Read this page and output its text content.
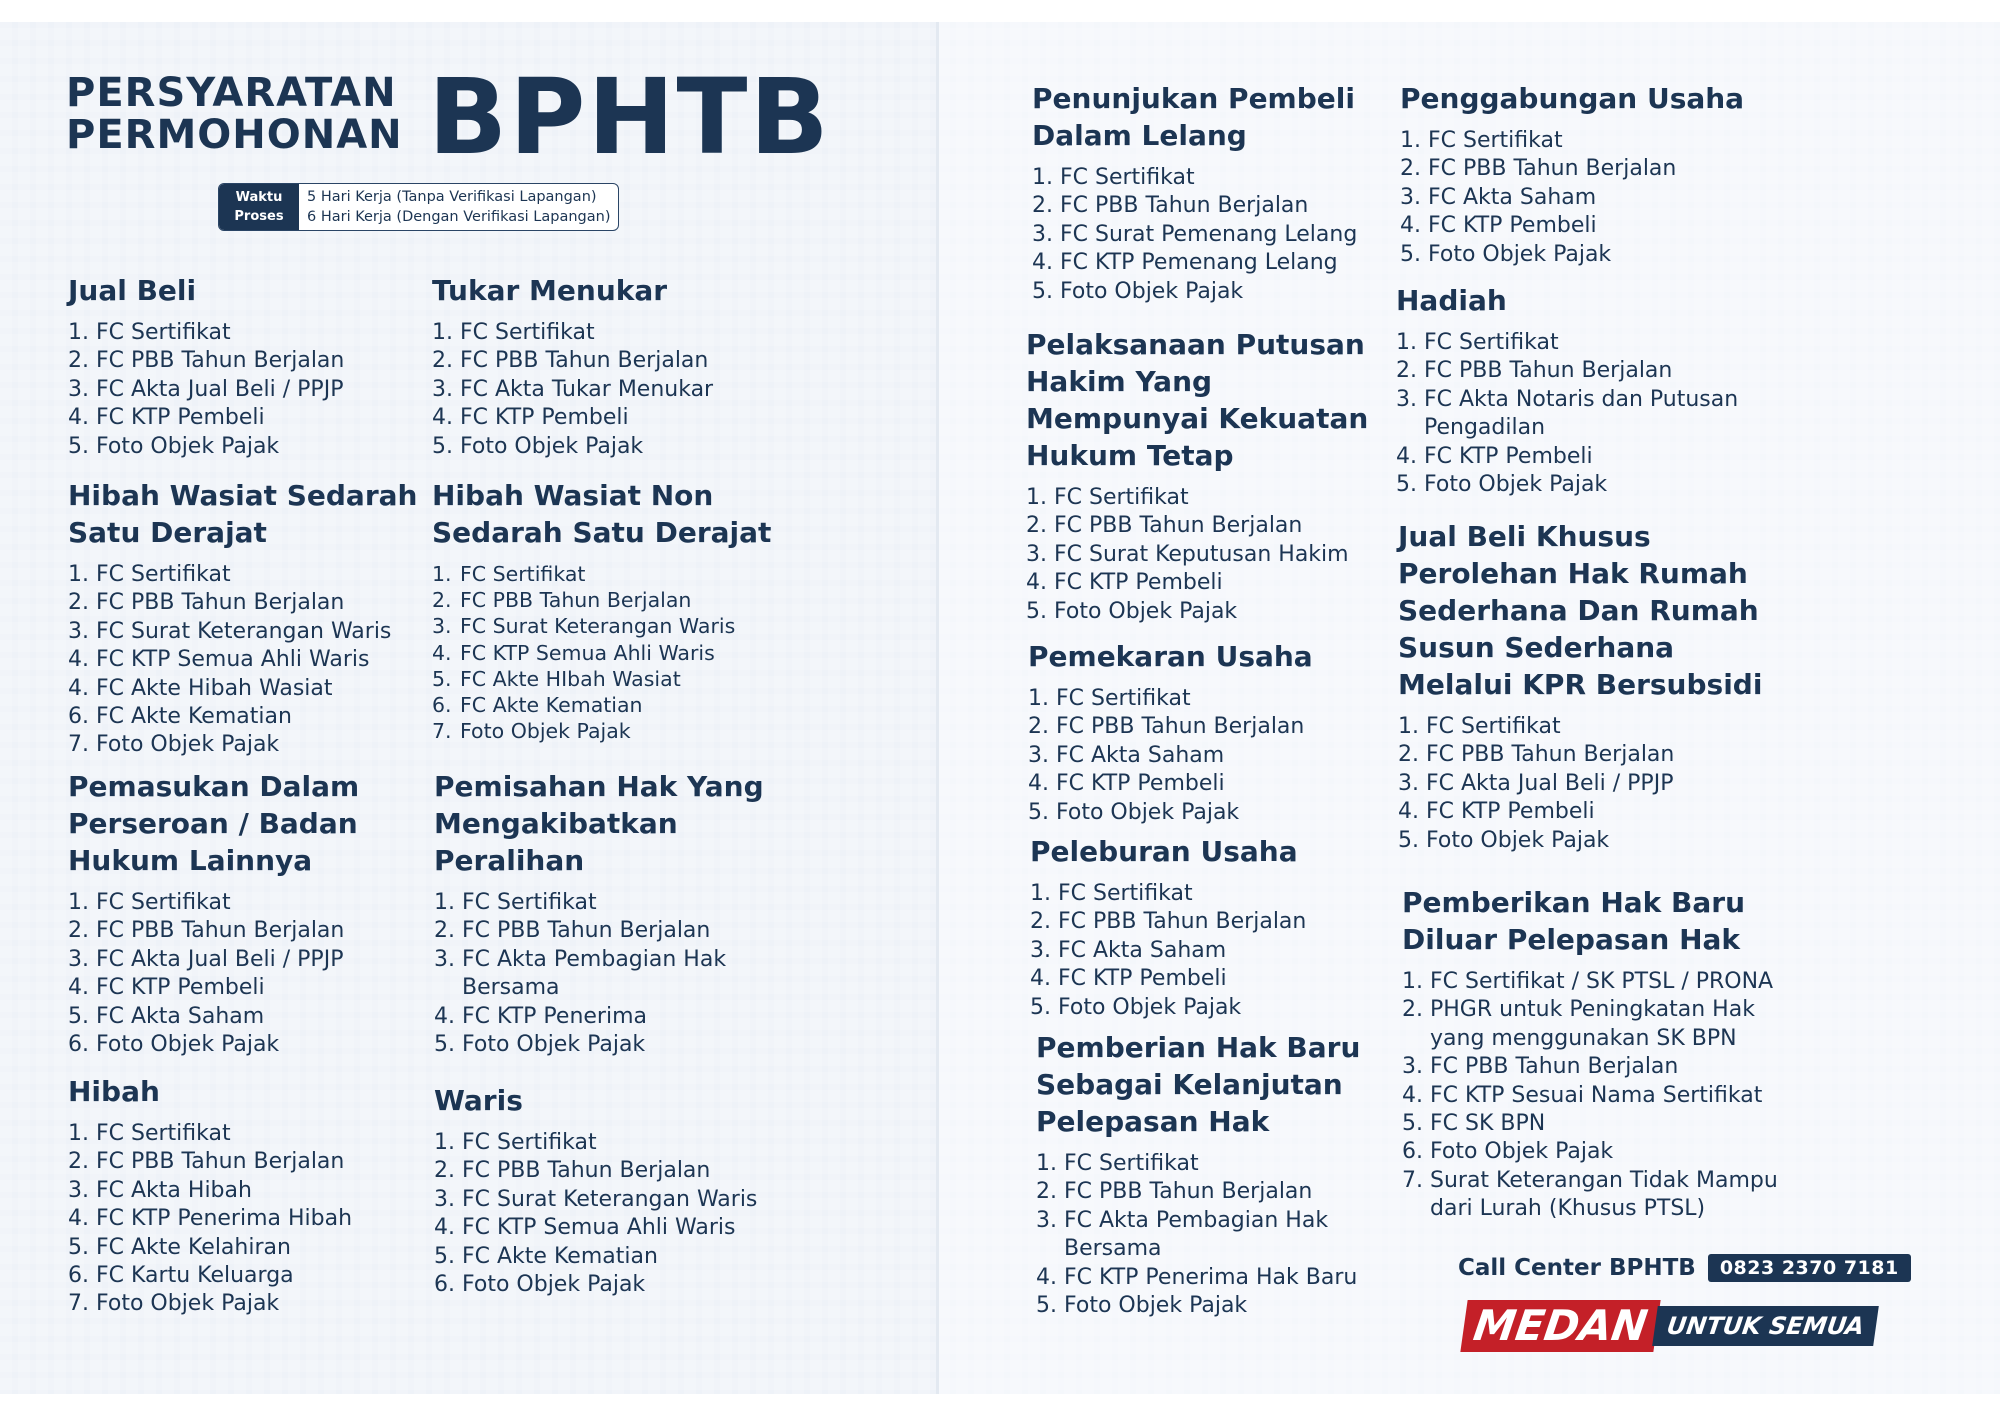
PERSYARATAN
PERMOHONAN BPHTB
Waktu
Proses
5 Hari Kerja (Tanpa Verifikasi Lapangan)
6 Hari Kerja (Dengan Verifikasi Lapangan)
Jual Beli
1. FC Sertifikat
2. FC PBB Tahun Berjalan
3. FC Akta Jual Beli / PPJP
4. FC KTP Pembeli
5. Foto Objek Pajak
Hibah Wasiat Sedarah
Satu Derajat
1. FC Sertifikat
2. FC PBB Tahun Berjalan
3. FC Surat Keterangan Waris
4. FC KTP Semua Ahli Waris
4. FC Akte Hibah Wasiat
6. FC Akte Kematian
7. Foto Objek Pajak
Pemasukan Dalam
Perseroan / Badan
Hukum Lainnya
1. FC Sertifikat
2. FC PBB Tahun Berjalan
3. FC Akta Jual Beli / PPJP
4. FC KTP Pembeli
5. FC Akta Saham
6. Foto Objek Pajak
Hibah
1. FC Sertifikat
2. FC PBB Tahun Berjalan
3. FC Akta Hibah
4. FC KTP Penerima Hibah
5. FC Akte Kelahiran
6. FC Kartu Keluarga
7. Foto Objek Pajak
Tukar Menukar
1. FC Sertifikat
2. FC PBB Tahun Berjalan
3. FC Akta Tukar Menukar
4. FC KTP Pembeli
5. Foto Objek Pajak
Hibah Wasiat Non
Sedarah Satu Derajat
1. FC Sertifikat
2. FC PBB Tahun Berjalan
3. FC Surat Keterangan Waris
4. FC KTP Semua Ahli Waris
5. FC Akte HIbah Wasiat
6. FC Akte Kematian
7. Foto Objek Pajak
Pemisahan Hak Yang
Mengakibatkan
Peralihan
1. FC Sertifikat
2. FC PBB Tahun Berjalan
3. FC Akta Pembagian Hak
Bersama
4. FC KTP Penerima
5. Foto Objek Pajak
Waris
1. FC Sertifikat
2. FC PBB Tahun Berjalan
3. FC Surat Keterangan Waris
4. FC KTP Semua Ahli Waris
5. FC Akte Kematian
6. Foto Objek Pajak
Penunjukan Pembeli
Dalam Lelang
1. FC Sertifikat
2. FC PBB Tahun Berjalan
3. FC Surat Pemenang Lelang
4. FC KTP Pemenang Lelang
5. Foto Objek Pajak
Pelaksanaan Putusan
Hakim Yang
Mempunyai Kekuatan
Hukum Tetap
1. FC Sertifikat
2. FC PBB Tahun Berjalan
3. FC Surat Keputusan Hakim
4. FC KTP Pembeli
5. Foto Objek Pajak
Pemekaran Usaha
1. FC Sertifikat
2. FC PBB Tahun Berjalan
3. FC Akta Saham
4. FC KTP Pembeli
5. Foto Objek Pajak
Peleburan Usaha
1. FC Sertifikat
2. FC PBB Tahun Berjalan
3. FC Akta Saham
4. FC KTP Pembeli
5. Foto Objek Pajak
Pemberian Hak Baru
Sebagai Kelanjutan
Pelepasan Hak
1. FC Sertifikat
2. FC PBB Tahun Berjalan
3. FC Akta Pembagian Hak
Bersama
4. FC KTP Penerima Hak Baru
5. Foto Objek Pajak
Penggabungan Usaha
1. FC Sertifikat
2. FC PBB Tahun Berjalan
3. FC Akta Saham
4. FC KTP Pembeli
5. Foto Objek Pajak
Hadiah
1. FC Sertifikat
2. FC PBB Tahun Berjalan
3. FC Akta Notaris dan Putusan
Pengadilan
4. FC KTP Pembeli
5. Foto Objek Pajak
Jual Beli Khusus
Perolehan Hak Rumah
Sederhana Dan Rumah
Susun Sederhana
Melalui KPR Bersubsidi
1. FC Sertifikat
2. FC PBB Tahun Berjalan
3. FC Akta Jual Beli / PPJP
4. FC KTP Pembeli
5. Foto Objek Pajak
Pemberikan Hak Baru
Diluar Pelepasan Hak
1. FC Sertifikat / SK PTSL / PRONA
2. PHGR untuk Peningkatan Hak
yang menggunakan SK BPN
3. FC PBB Tahun Berjalan
4. FC KTP Sesuai Nama Sertifikat
5. FC SK BPN
6. Foto Objek Pajak
7. Surat Keterangan Tidak Mampu
dari Lurah (Khusus PTSL)
Call Center BPHTB	0823 2370 7181
MEDAN UNTUK SEMUA
